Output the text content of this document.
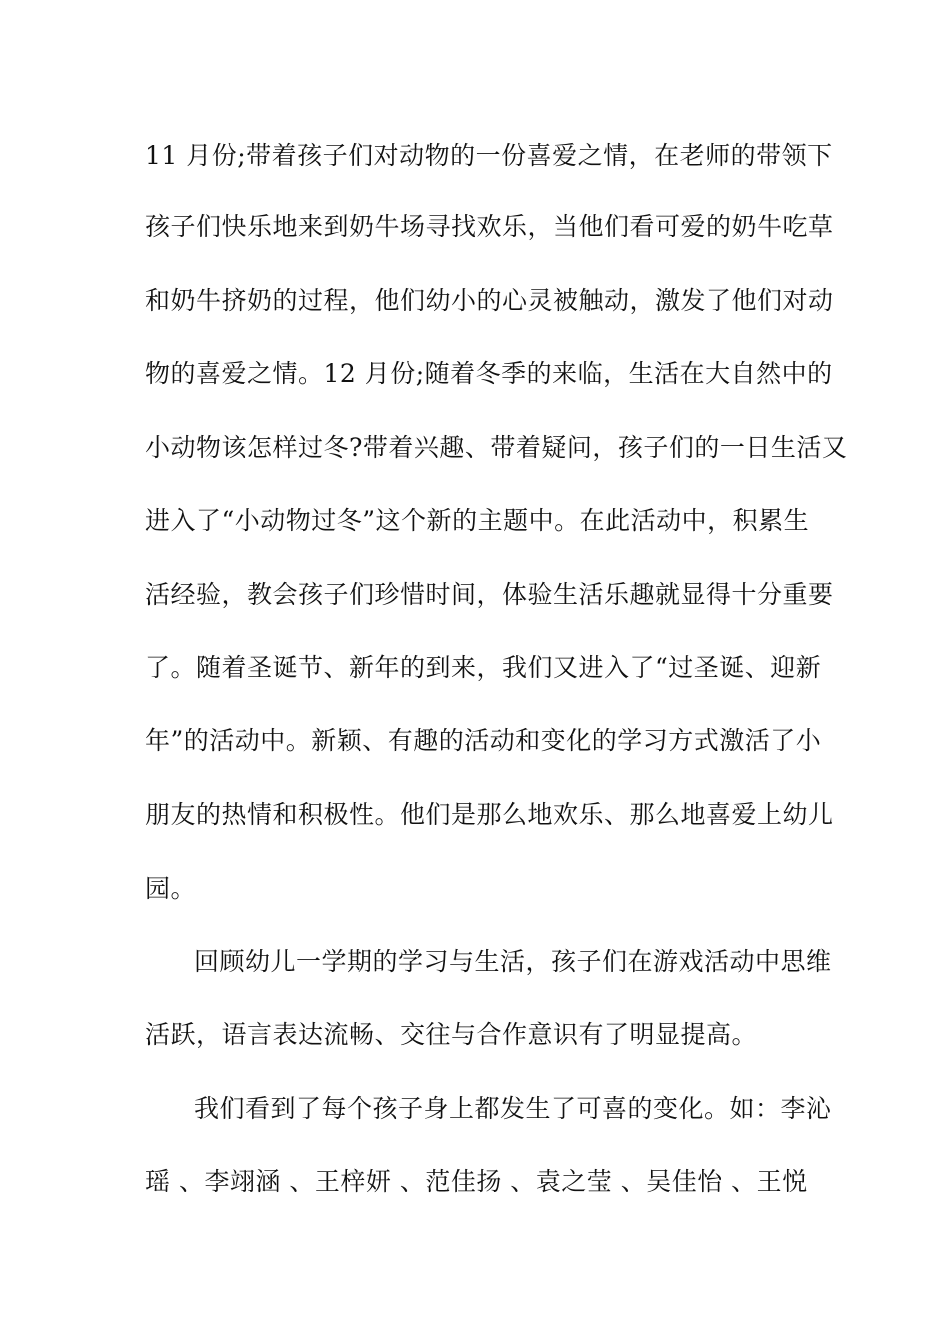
11 月份;带着孩子们对动物的一份喜爱之情，在老师的带领下
孩子们快乐地来到奶牛场寻找欢乐，当他们看可爱的奶牛吃草
和奶牛挤奶的过程，他们幼小的心灵被触动，激发了他们对动
物的喜爱之情。12 月份;随着冬季的来临，生活在大自然中的
小动物该怎样过冬?带着兴趣、带着疑问，孩子们的一日生活又
进入了“小动物过冬”这个新的主题中。在此活动中，积累生
活经验，教会孩子们珍惜时间，体验生活乐趣就显得十分重要
了。随着圣诞节、新年的到来，我们又进入了“过圣诞、迎新
年”的活动中。新颖、有趣的活动和变化的学习方式激活了小
朋友的热情和积极性。他们是那么地欢乐、那么地喜爱上幼儿
园。
回顾幼儿一学期的学习与生活，孩子们在游戏活动中思维
活跃，语言表达流畅、交往与合作意识有了明显提高。
我们看到了每个孩子身上都发生了可喜的变化。如：李沁
瑶 、李翊涵 、王梓妍 、范佳扬 、袁之莹 、吴佳怡 、王悦
